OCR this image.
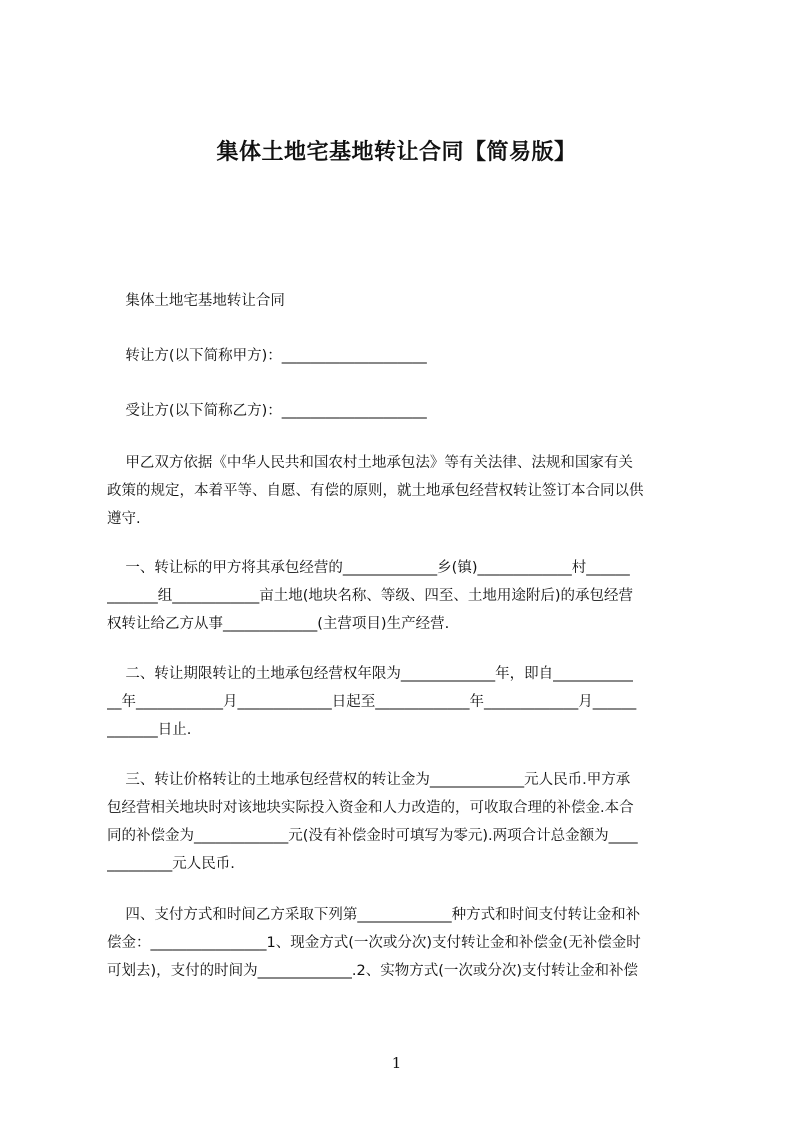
集体土地宅基地转让合同【简易版】
集体土地宅基地转让合同
转让方(以下简称甲方)：____________________
受让方(以下简称乙方)：____________________
甲乙双方依据《中华人民共和国农村土地承包法》等有关法律、法规和国家有关
政策的规定，本着平等、自愿、有偿的原则，就土地承包经营权转让签订本合同以供
遵守.
一、转让标的甲方将其承包经营的_____________乡(镇)_____________村______
_______组____________亩土地(地块名称、等级、四至、土地用途附后)的承包经营
权转让给乙方从事_____________(主营项目)生产经营.
二、转让期限转让的土地承包经营权年限为_____________年，即自___________
__年____________月_____________日起至_____________年_____________月______
_______日止.
三、转让价格转让的土地承包经营权的转让金为_____________元人民币.甲方承
包经营相关地块时对该地块实际投入资金和人力改造的，可收取合理的补偿金.本合
同的补偿金为_____________元(没有补偿金时可填写为零元).两项合计总金额为____
_________元人民币.
四、支付方式和时间乙方采取下列第_____________种方式和时间支付转让金和补
偿金：________________1、现金方式(一次或分次)支付转让金和补偿金(无补偿金时
可划去)，支付的时间为_____________.2、实物方式(一次或分次)支付转让金和补偿
1
